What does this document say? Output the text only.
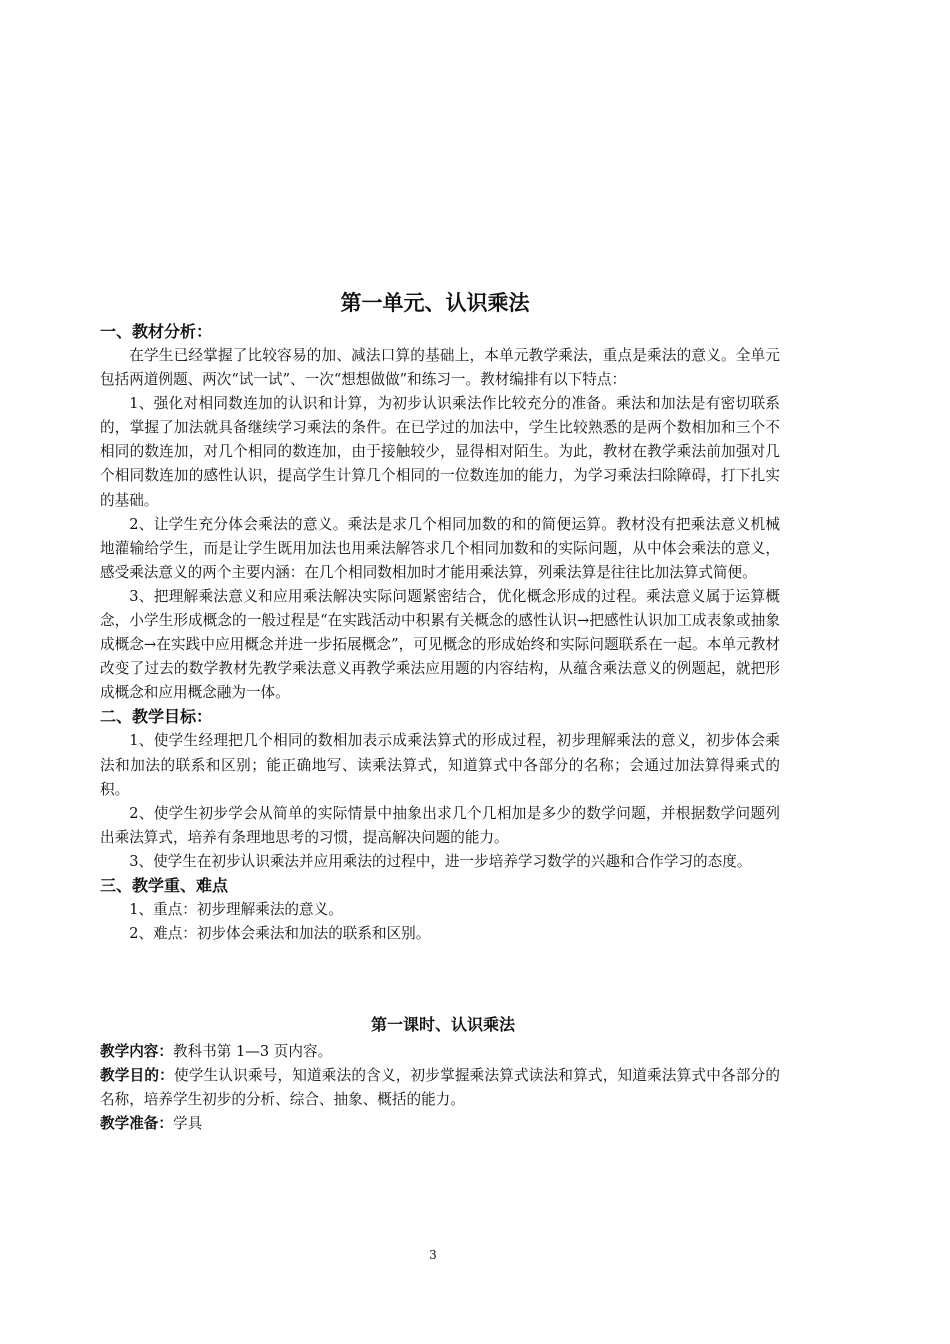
第一单元、认识乘法
一、教材分析：

在学生已经掌握了比较容易的加、减法口算的基础上，本单元教学乘法，重点是乘法的意义。全单元包括两道例题、两次“试一试”、一次“想想做做”和练习一。教材编排有以下特点：

1、强化对相同数连加的认识和计算，为初步认识乘法作比较充分的准备。乘法和加法是有密切联系的，掌握了加法就具备继续学习乘法的条件。在已学过的加法中，学生比较熟悉的是两个数相加和三个不相同的数连加，对几个相同的数连加，由于接触较少，显得相对陌生。为此，教材在教学乘法前加强对几个相同数连加的感性认识，提高学生计算几个相同的一位数连加的能力，为学习乘法扫除障碍，打下扎实的基础。

2、让学生充分体会乘法的意义。乘法是求几个相同加数的和的简便运算。教材没有把乘法意义机械地灌输给学生，而是让学生既用加法也用乘法解答求几个相同加数和的实际问题，从中体会乘法的意义，感受乘法意义的两个主要内涵：在几个相同数相加时才能用乘法算，列乘法算是往往比加法算式简便。

3、把理解乘法意义和应用乘法解决实际问题紧密结合，优化概念形成的过程。乘法意义属于运算概念，小学生形成概念的一般过程是“在实践活动中积累有关概念的感性认识→把感性认识加工成表象或抽象成概念→在实践中应用概念并进一步拓展概念”，可见概念的形成始终和实际问题联系在一起。本单元教材改变了过去的数学教材先教学乘法意义再教学乘法应用题的内容结构，从蕴含乘法意义的例题起，就把形成概念和应用概念融为一体。

二、教学目标：

1、使学生经理把几个相同的数相加表示成乘法算式的形成过程，初步理解乘法的意义，初步体会乘法和加法的联系和区别；能正确地写、读乘法算式，知道算式中各部分的名称；会通过加法算得乘式的积。

2、使学生初步学会从简单的实际情景中抽象出求几个几相加是多少的数学问题，并根据数学问题列出乘法算式，培养有条理地思考的习惯，提高解决问题的能力。

3、使学生在初步认识乘法并应用乘法的过程中，进一步培养学习数学的兴趣和合作学习的态度。

三、教学重、难点

1、重点：初步理解乘法的意义。

2、难点：初步体会乘法和加法的联系和区别。

第一课时、认识乘法

教学内容：教科书第 1—3 页内容。

教学目的：使学生认识乘号，知道乘法的含义，初步掌握乘法算式读法和算式，知道乘法算式中各部分的名称，培养学生初步的分析、综合、抽象、概括的能力。

教学准备：学具

3
